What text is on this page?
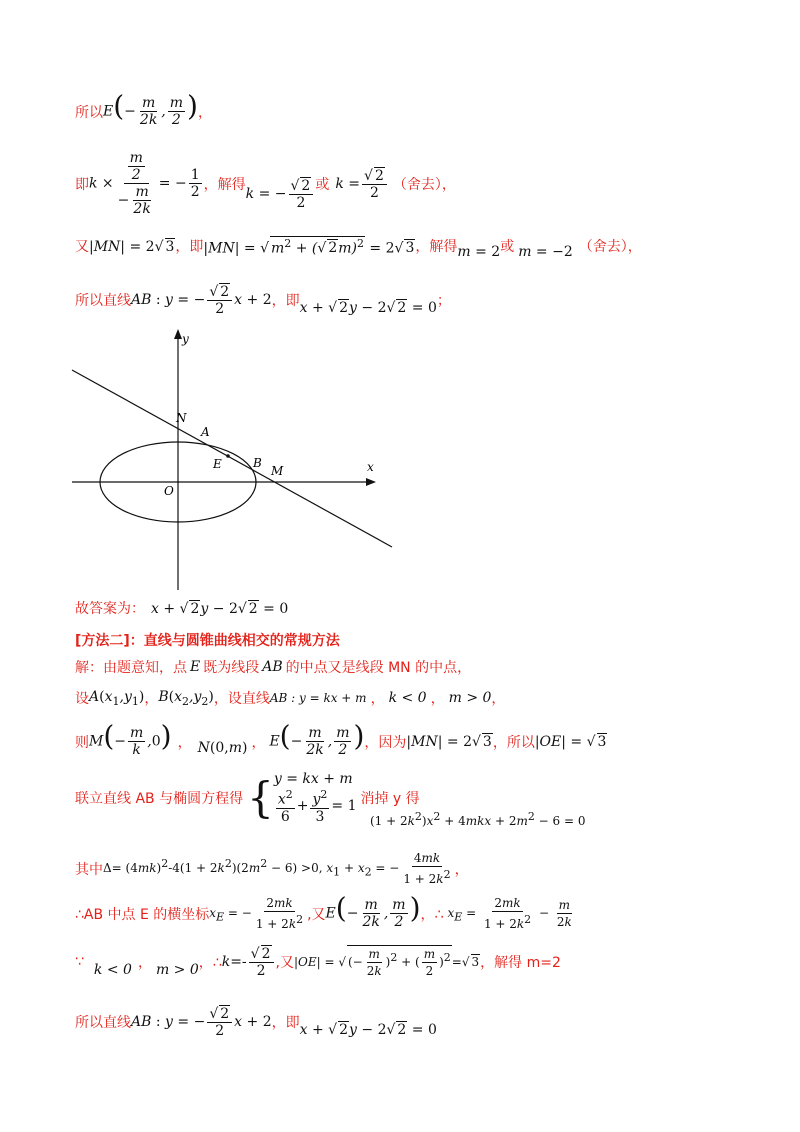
所以 $E(- \frac{m}{2k}$ , $\frac{m}{2}$ ) ，
即 $k \times \frac{\frac{m}{2}}{- \frac{m}{2k}}$ = − $\frac{1}{2}$ ，解得
k = − $\frac{√ 2}{2}$ 或 $k = \frac{√ 2}{2}$ （舍去），
又 |MN| = 2√ 3 ，即 |MN| = √ $m^2$ + (√ 2m)$^2$ = 2√ 3 ，解得 m = 2 或 m = −2 （舍去），
所以直线 AB : y = − $\frac{√ 2}{2}$ x + 2 ，即 x + √ 2y − 2√ 2 = 0 ；
y
x
O
N
A
E	B
M
故答案为： x + √ 2y − 2√ 2 = 0
[方法二]：直线与圆锥曲线相交的常规方法
解：由题意知，点 E 既为线段 AB 的中点又是线段 MN 的中点，
设 $A(x_1,y_1)$ ， $B(x_2,y_2)$ ，设直线 AB : y = kx + m ， k < 0 ， m > 0 ，
则 $M(- \frac{m}{k} ,0)$ ， N(0,m) ， $E(- \frac{m}{2k}$ , $\frac{m}{2}$ ) ，因为 |MN| = 2√ 3 ，所以 |OE| = √ 3
联立直线 AB 与椭圆方程得 { y = kx + m
$\frac{x^2}{6} + \frac{y^2}{3} = 1$ 消掉 y 得
$(1 + 2k^2)x^2 + 4mkx + 2m^2 - 6 = 0$
其中 $\Delta= (4mk)^2-4(1 + 2k^2)(2m^2 - 6) >0$, $x_1 + x_2$ = − $\frac{4mk}{1 + 2k^2}$ ，
∴AB 中点 E 的横坐标 $x_E$ = − $\frac{2mk}{1 + 2k^2}$ ,又 $E(- \frac{m}{2k}$ , $\frac{m}{2}$ ) ，∴ $x_E = \frac{2mk}{1 + 2k^2} - \frac{m}{2k}$
∵ k < 0 ， m > 0 ，∴ $k=- \frac{√ 2}{2}$ ,又 |OE| = √ (− $\frac{m}{2k} )^2$ + ( $\frac{m}{2} )^2=√$ 3 ，解得 m=2
所以直线 AB : y = − $\frac{√ 2}{2}$ x + 2 ，即 x + √ 2y − 2√ 2 = 0
